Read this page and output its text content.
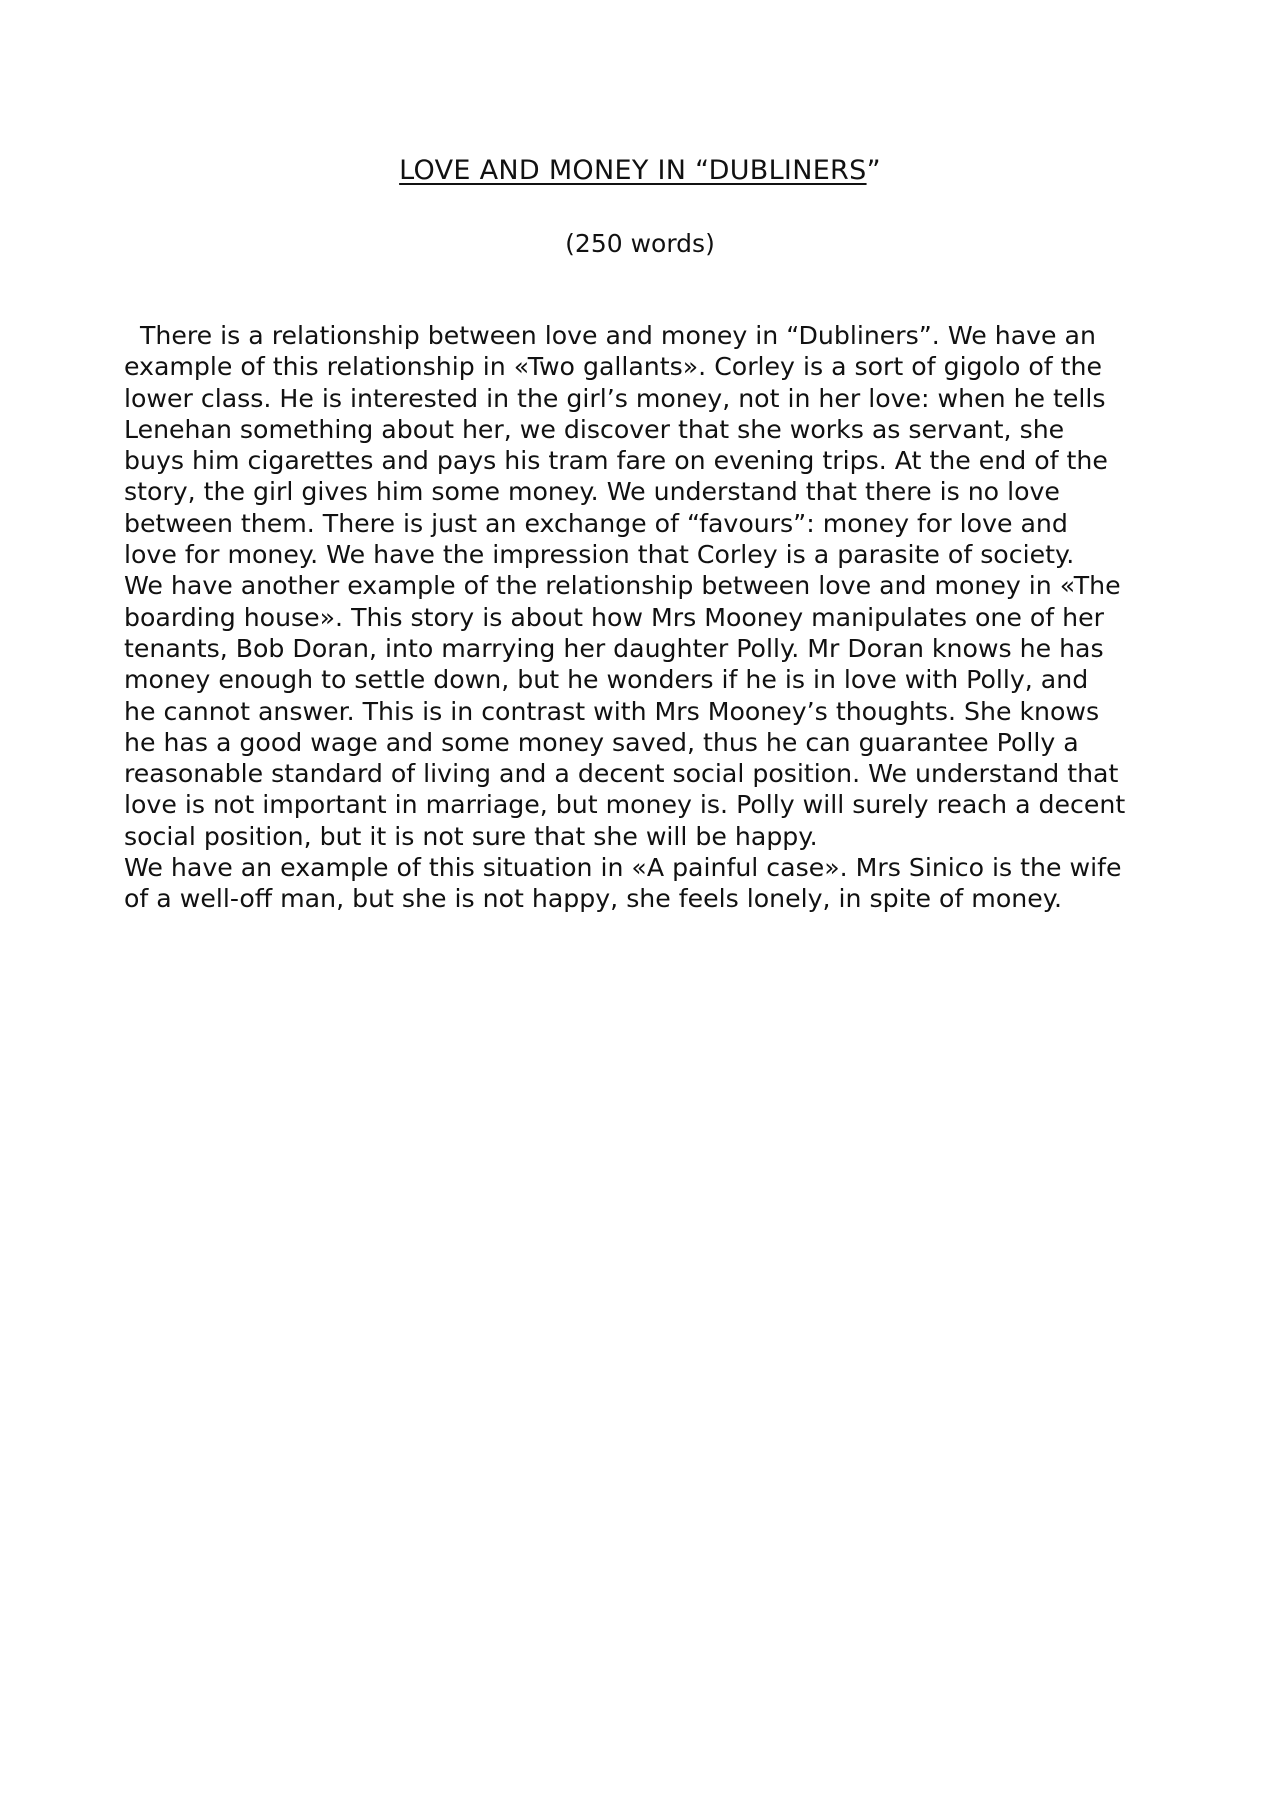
LOVE AND MONEY IN “DUBLINERS”
(250 words)
There is a relationship between love and money in “Dubliners”. We have an
example of this relationship in «Two gallants». Corley is a sort of gigolo of the
lower class. He is interested in the girl’s money, not in her love: when he tells
Lenehan something about her, we discover that she works as servant, she
buys him cigarettes and pays his tram fare on evening trips. At the end of the
story, the girl gives him some money. We understand that there is no love
between them. There is just an exchange of “favours”: money for love and
love for money. We have the impression that Corley is a parasite of society.
We have another example of the relationship between love and money in «The
boarding house». This story is about how Mrs Mooney manipulates one of her
tenants, Bob Doran, into marrying her daughter Polly. Mr Doran knows he has
money enough to settle down, but he wonders if he is in love with Polly, and
he cannot answer. This is in contrast with Mrs Mooney’s thoughts. She knows
he has a good wage and some money saved, thus he can guarantee Polly a
reasonable standard of living and a decent social position. We understand that
love is not important in marriage, but money is. Polly will surely reach a decent
social position, but it is not sure that she will be happy.
We have an example of this situation in «A painful case». Mrs Sinico is the wife
of a well-off man, but she is not happy, she feels lonely, in spite of money.
